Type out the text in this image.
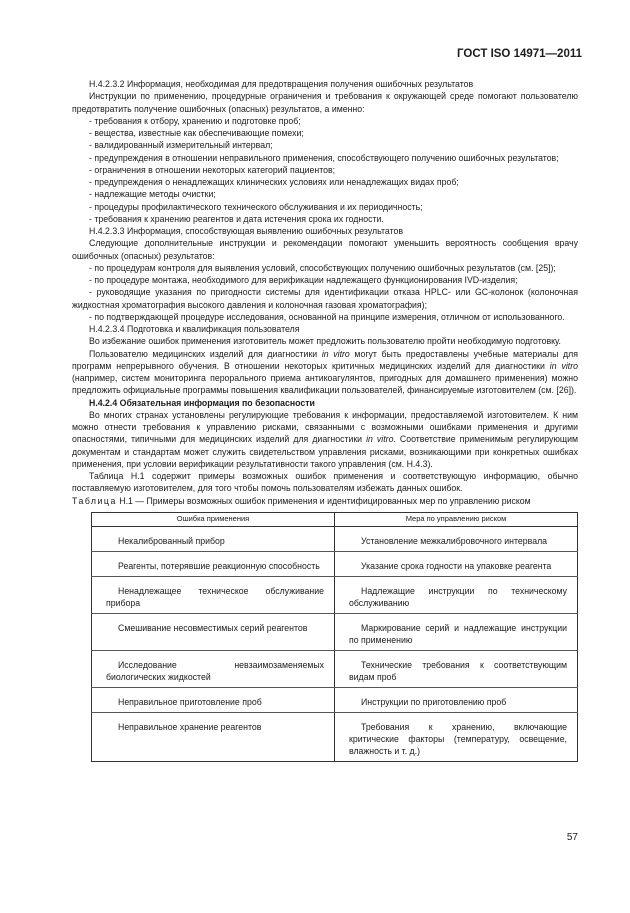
ГОСТ ISO 14971—2011

H.4.2.3.2 Информация, необходимая для предотвращения получения ошибочных результатов

Инструкции по применению, процедурные ограничения и требования к окружающей среде помогают пользователю предотвратить получение ошибочных (опасных) результатов, а именно:

- требования к отбору, хранению и подготовке проб;

- вещества, известные как обеспечивающие помехи;

- валидированный измерительный интервал;

- предупреждения в отношении неправильного применения, способствующего получению ошибочных результатов;

- ограничения в отношении некоторых категорий пациентов;

- предупреждения о ненадлежащих клинических условиях или ненадлежащих видах проб;

- надлежащие методы очистки;

- процедуры профилактического технического обслуживания и их периодичность;

- требования к хранению реагентов и дата истечения срока их годности.

H.4.2.3.3 Информация, способствующая выявлению ошибочных результатов

Следующие дополнительные инструкции и рекомендации помогают уменьшить вероятность сообщения врачу ошибочных (опасных) результатов:

- по процедурам контроля для выявления условий, способствующих получению ошибочных результатов (см. [25]);

- по процедуре монтажа, необходимого для верификации надлежащего функционирования IVD-изделия;

- руководящие указания по пригодности системы для идентификации отказа HPLC- или GC-колонок (колоночная жидкостная хроматография высокого давления и колоночная газовая хроматография);

- по подтверждающей процедуре исследования, основанной на принципе измерения, отличном от использованного.

H.4.2.3.4 Подготовка и квалификация пользователя

Во избежание ошибок применения изготовитель может предложить пользователю пройти необходимую подготовку.

Пользователю медицинских изделий для диагностики in vitro могут быть предоставлены учебные материалы для программ непрерывного обучения. В отношении некоторых критичных медицинских изделий для диагностики in vitro (например, систем мониторинга перорального приема антикоагулянтов, пригодных для домашнего применения) можно предложить официальные программы повышения квалификации пользователей, финансируемые изготовителем (см. [26]).

H.4.2.4 Обязательная информация по безопасности

Во многих странах установлены регулирующие требования к информации, предоставляемой изготовителем. К ним можно отнести требования к управлению рисками, связанными с возможными ошибками применения и другими опасностями, типичными для медицинских изделий для диагностики in vitro. Соответствие применимым регулирующим документам и стандартам может служить свидетельством управления рисками, возникающими при конкретных ошибках применения, при условии верификации результативности такого управления (см. H.4.3).

Таблица H.1 содержит примеры возможных ошибок применения и соответствующую информацию, обычно поставляемую изготовителем, для того чтобы помочь пользователям избежать данных ошибок.

Таблица H.1 — Примеры возможных ошибок применения и идентифицированных мер по управлению риском

Ошибка применения	Мера по управлению риском

Некалиброванный прибор	Установление межкалибровочного интервала

Реагенты, потерявшие реакционную способность	Указание срока годности на упаковке реагента

Ненадлежащее техническое обслуживание прибора	Надлежащие инструкции по техническому обслуживанию

Смешивание несовместимых серий реагентов	Маркирование серий и надлежащие инструкции по применению

Исследование невзаимозаменяемых биологических жидкостей	Технические требования к соответствующим видам проб

Неправильное приготовление проб	Инструкции по приготовлению проб

Неправильное хранение реагентов	Требования к хранению, включающие критические факторы (температуру, освещение, влажность и т. д.)
57
